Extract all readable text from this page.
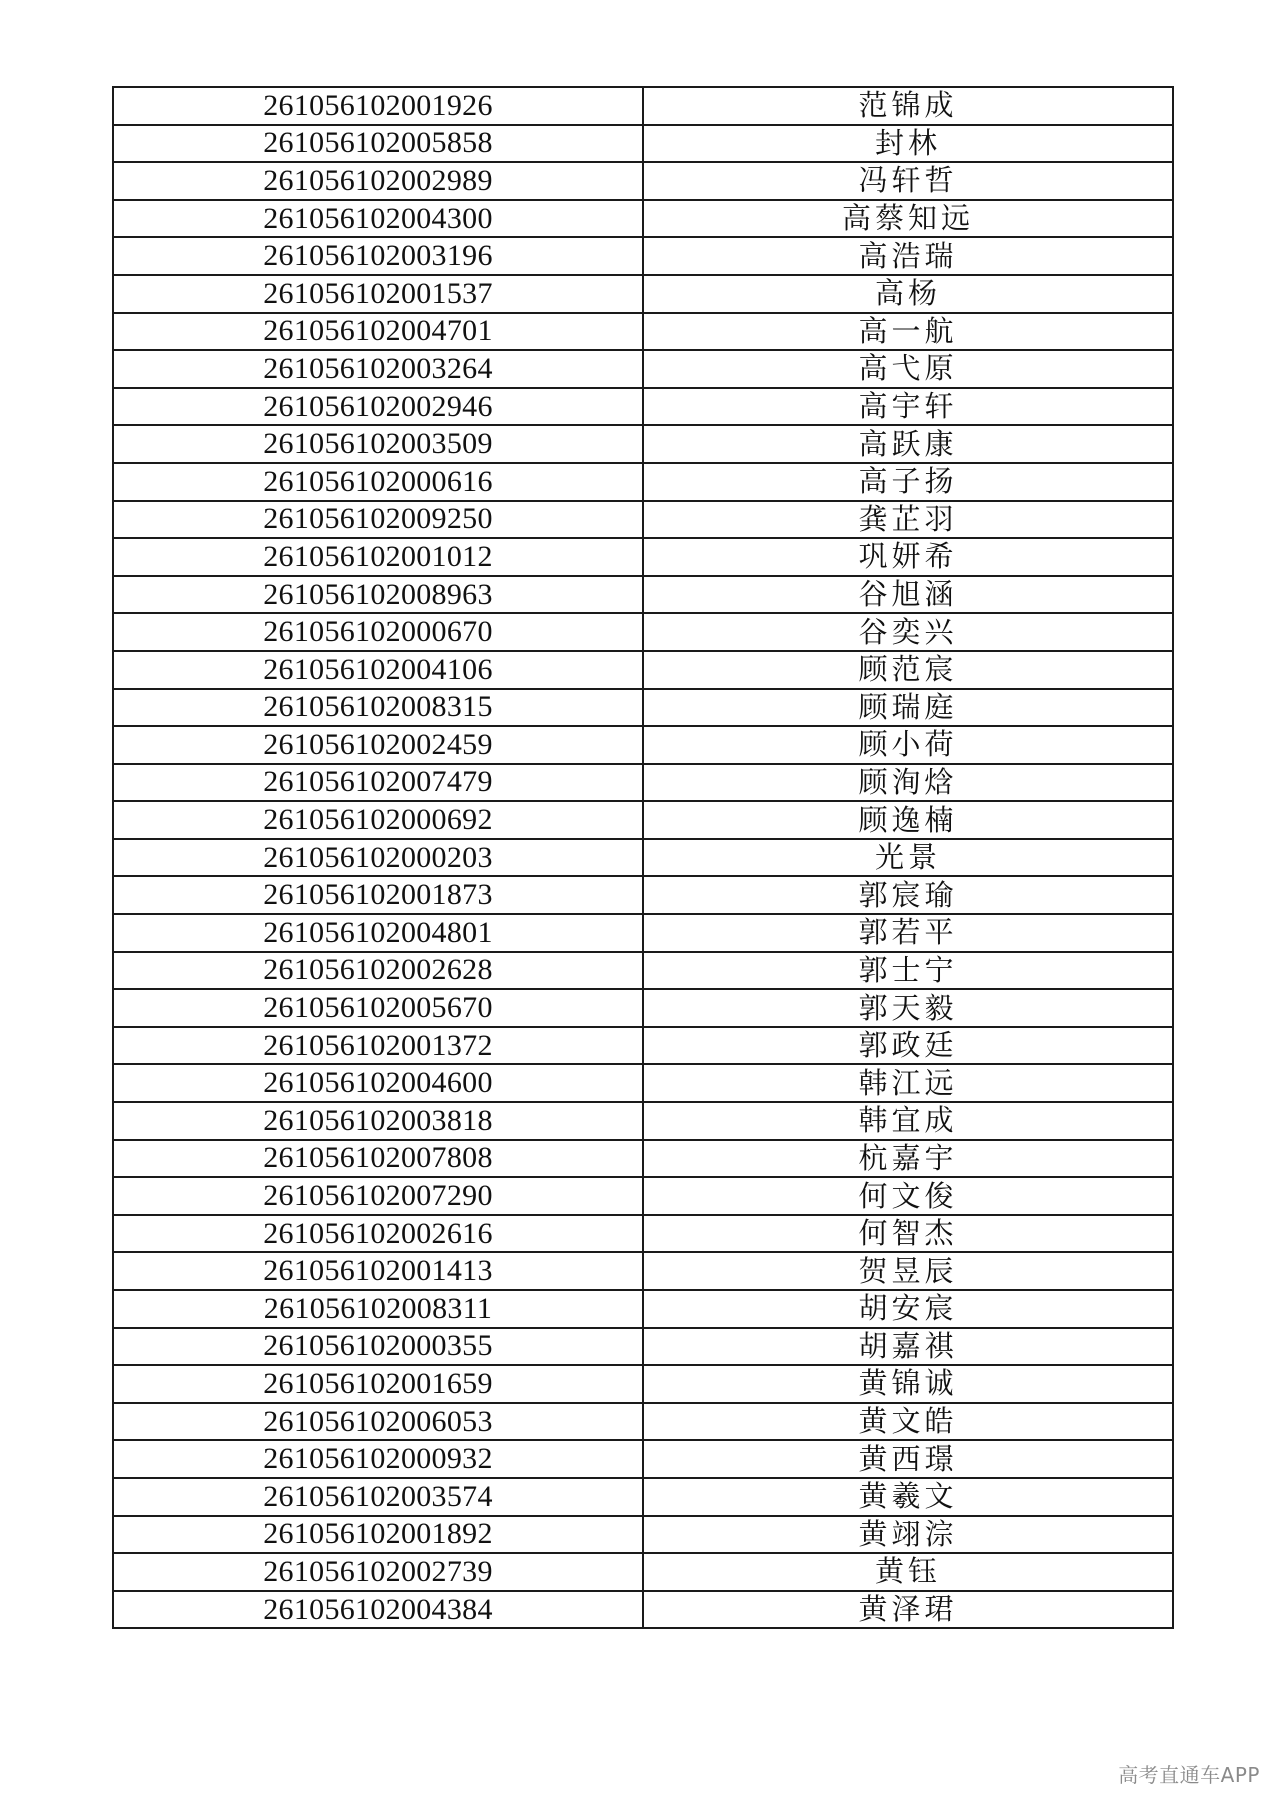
261056102001926	范锦成
261056102005858	封林
261056102002989	冯轩哲
261056102004300	高蔡知远
261056102003196	高浩瑞
261056102001537	高杨
261056102004701	高一航
261056102003264	高弋原
261056102002946	高宇轩
261056102003509	高跃康
261056102000616	高子扬
261056102009250	龚芷羽
261056102001012	巩妍希
261056102008963	谷旭涵
261056102000670	谷奕兴
261056102004106	顾范宸
261056102008315	顾瑞庭
261056102002459	顾小荷
261056102007479	顾洵焓
261056102000692	顾逸楠
261056102000203	光景
261056102001873	郭宸瑜
261056102004801	郭若平
261056102002628	郭士宁
261056102005670	郭天毅
261056102001372	郭政廷
261056102004600	韩江远
261056102003818	韩宜成
261056102007808	杭嘉宇
261056102007290	何文俊
261056102002616	何智杰
261056102001413	贺昱辰
261056102008311	胡安宸
261056102000355	胡嘉祺
261056102001659	黄锦诚
261056102006053	黄文皓
261056102000932	黄西璟
261056102003574	黄羲文
261056102001892	黄翊淙
261056102002739	黄钰
261056102004384	黄泽珺
高考直通车APP
